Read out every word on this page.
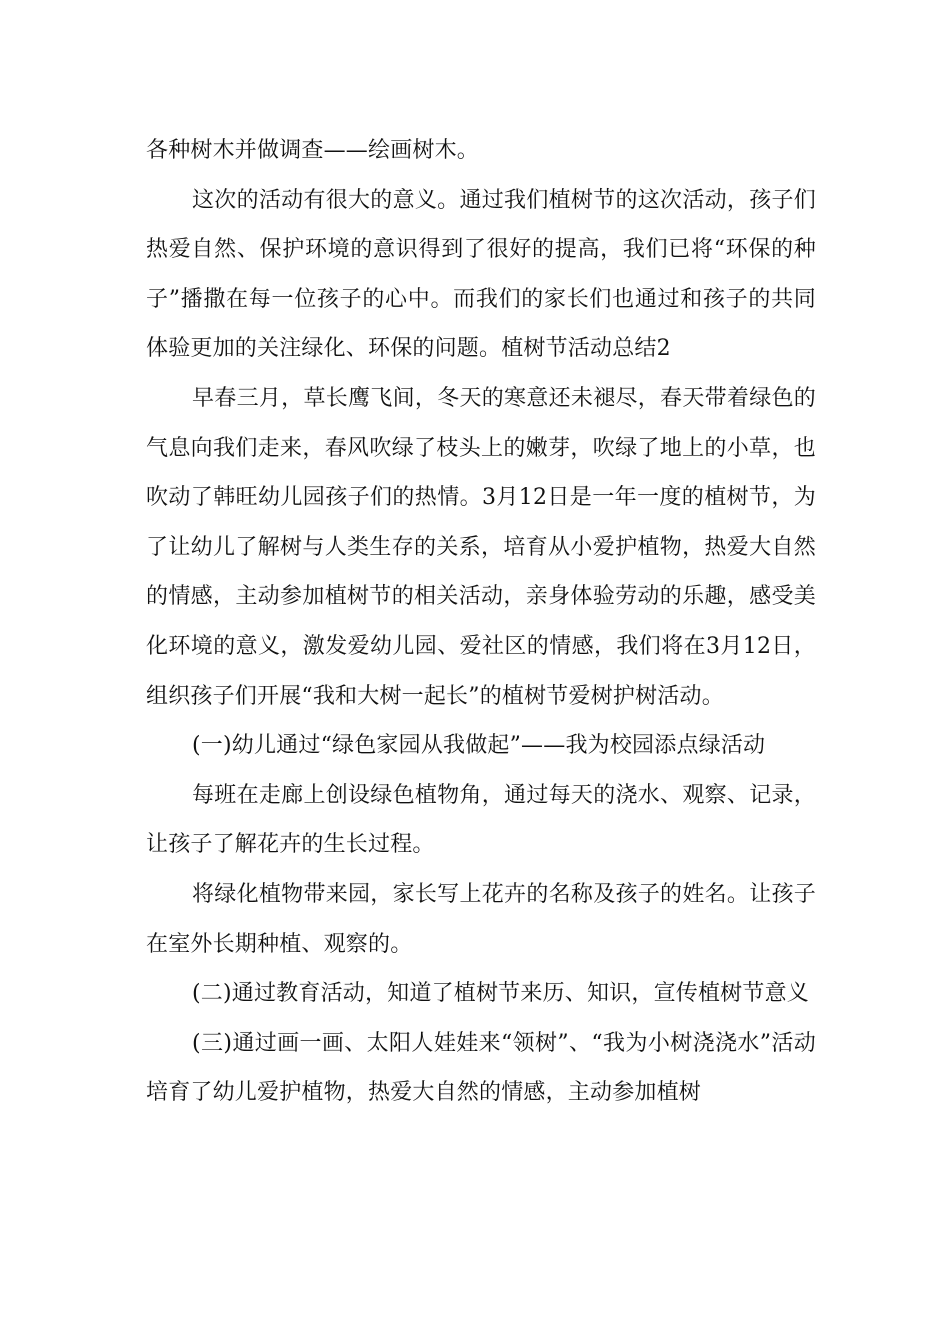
各种树木并做调查——绘画树木。

这次的活动有很大的意义。通过我们植树节的这次活动，孩子们热爱自然、保护环境的意识得到了很好的提高，我们已将“环保的种子”播撒在每一位孩子的心中。而我们的家长们也通过和孩子的共同体验更加的关注绿化、环保的问题。植树节活动总结2

早春三月，草长鹰飞间，冬天的寒意还未褪尽，春天带着绿色的气息向我们走来，春风吹绿了枝头上的嫩芽，吹绿了地上的小草，也吹动了韩旺幼儿园孩子们的热情。3月12日是一年一度的植树节，为了让幼儿了解树与人类生存的关系，培育从小爱护植物，热爱大自然的情感，主动参加植树节的相关活动，亲身体验劳动的乐趣，感受美化环境的意义，激发爱幼儿园、爱社区的情感，我们将在3月12日，组织孩子们开展“我和大树一起长”的植树节爱树护树活动。

(一)幼儿通过“绿色家园从我做起”——我为校园添点绿活动

每班在走廊上创设绿色植物角，通过每天的浇水、观察、记录，让孩子了解花卉的生长过程。

将绿化植物带来园，家长写上花卉的名称及孩子的姓名。让孩子在室外长期种植、观察的。

(二)通过教育活动，知道了植树节来历、知识，宣传植树节意义

(三)通过画一画、太阳人娃娃来“领树”、“我为小树浇浇水”活动培育了幼儿爱护植物，热爱大自然的情感，主动参加植树
